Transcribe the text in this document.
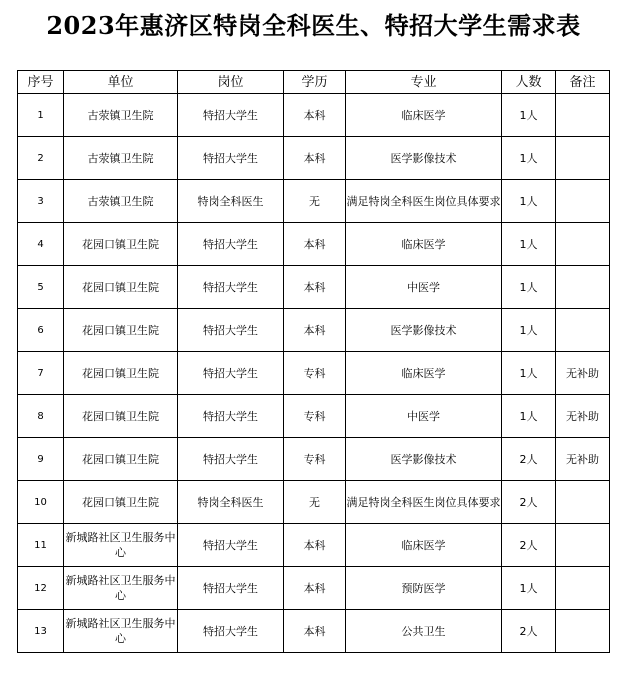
2023年惠济区特岗全科医生、特招大学生需求表
序号	单位	岗位	学历	专业	人数	备注
1	古荥镇卫生院	特招大学生	本科	临床医学	1人	
2	古荥镇卫生院	特招大学生	本科	医学影像技术	1人	
3	古荥镇卫生院	特岗全科医生	无	满足特岗全科医生岗位具体要求	1人	
4	花园口镇卫生院	特招大学生	本科	临床医学	1人	
5	花园口镇卫生院	特招大学生	本科	中医学	1人	
6	花园口镇卫生院	特招大学生	本科	医学影像技术	1人	
7	花园口镇卫生院	特招大学生	专科	临床医学	1人	无补助
8	花园口镇卫生院	特招大学生	专科	中医学	1人	无补助
9	花园口镇卫生院	特招大学生	专科	医学影像技术	2人	无补助
10	花园口镇卫生院	特岗全科医生	无	满足特岗全科医生岗位具体要求	2人	
11	新城路社区卫生服务中心	特招大学生	本科	临床医学	2人	
12	新城路社区卫生服务中心	特招大学生	本科	预防医学	1人	
13	新城路社区卫生服务中心	特招大学生	本科	公共卫生	2人	
